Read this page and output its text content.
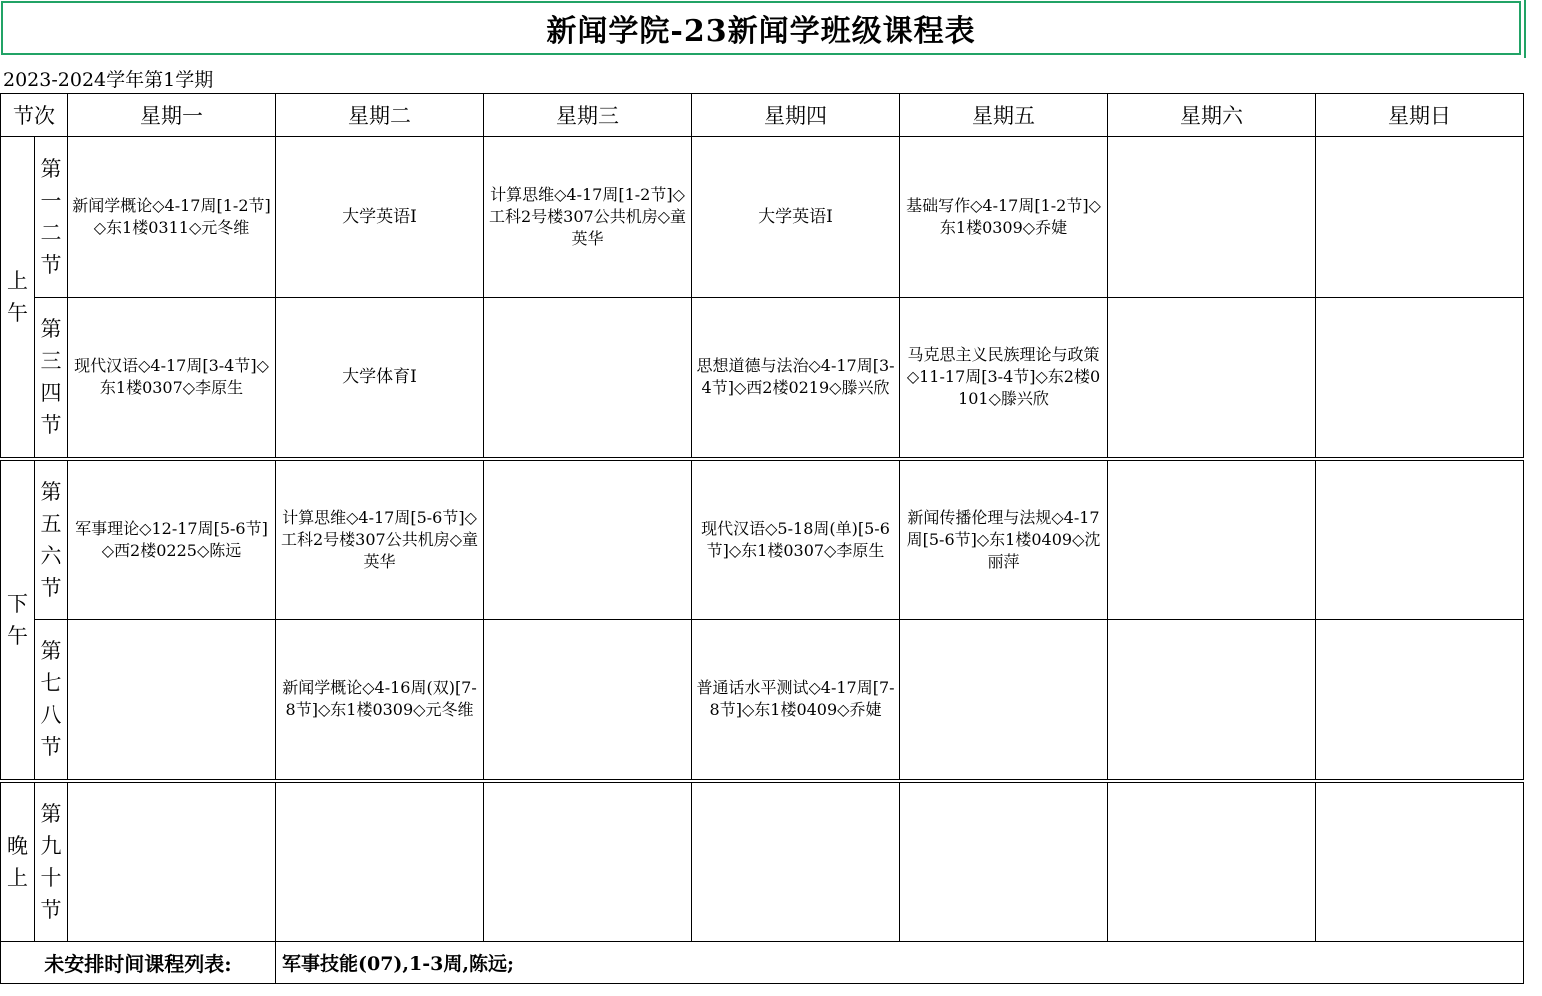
新闻学院-23新闻学班级课程表
2023-2024学年第1学期
节次		星期一	星期二	星期三	星期四	星期五	星期六	星期日

上午	第一二节	新闻学概论◇4-17周[1-2节]◇东1楼0311◇元冬维	大学英语Ⅰ	计算思维◇4-17周[1-2节]◇工科2号楼307公共机房◇童英华	大学英语Ⅰ	基础写作◇4-17周[1-2节]◇东1楼0309◇乔婕		

	第三四节	现代汉语◇4-17周[3-4节]◇东1楼0307◇李原生	大学体育Ⅰ		思想道德与法治◇4-17周[3-4节]◇西2楼0219◇滕兴欣	马克思主义民族理论与政策◇11-17周[3-4节]◇东2楼0101◇滕兴欣		

下午	第五六节	军事理论◇12-17周[5-6节]◇西2楼0225◇陈远	计算思维◇4-17周[5-6节]◇工科2号楼307公共机房◇童英华		现代汉语◇5-18周(单)[5-6节]◇东1楼0307◇李原生	新闻传播伦理与法规◇4-17周[5-6节]◇东1楼0409◇沈丽萍		

	第七八节		新闻学概论◇4-16周(双)[7-8节]◇东1楼0309◇元冬维		普通话水平测试◇4-17周[7-8节]◇东1楼0409◇乔婕			

晚上	第九十节							

未安排时间课程列表:			军事技能(07),1-3周,陈远;					
